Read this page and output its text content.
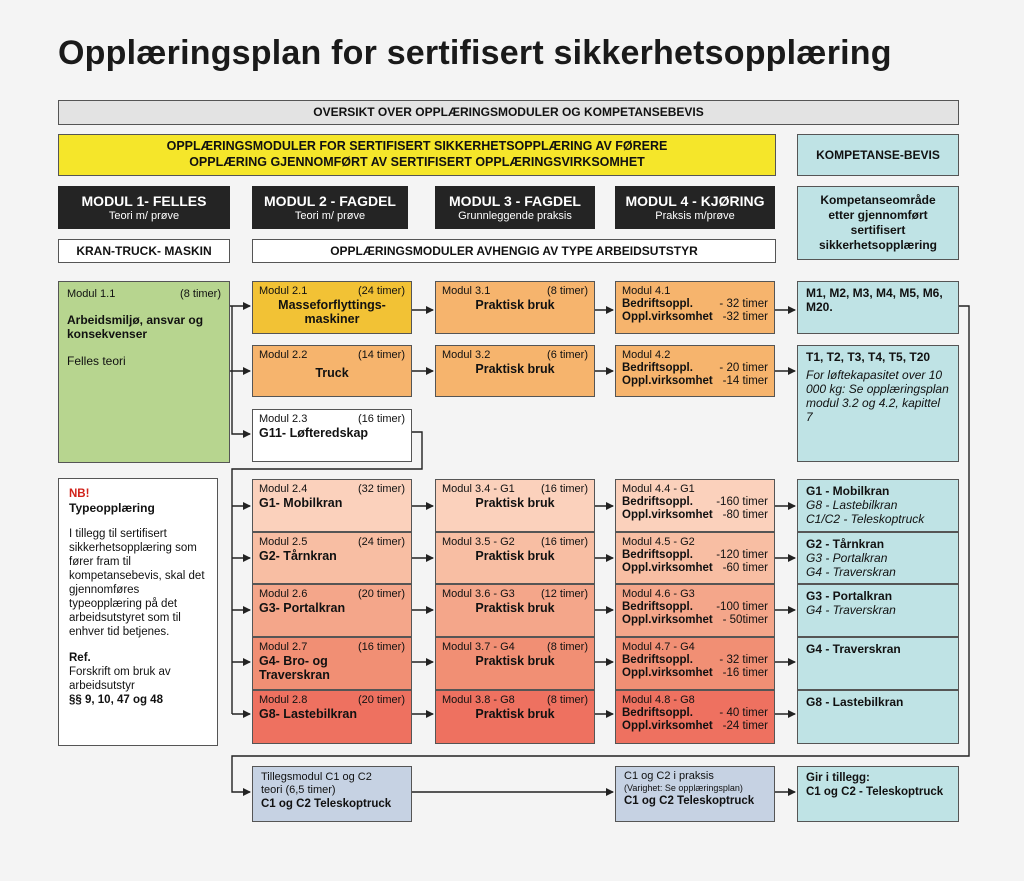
Opplæringsplan for sertifisert sikkerhetsopplæring
OVERSIKT OVER OPPLÆRINGSMODULER OG KOMPETANSEBEVIS
OPPLÆRINGSMODULER FOR SERTIFISERT SIKKERHETSOPPLÆRING AV FØRERE
OPPLÆRING GJENNOMFØRT AV SERTIFISERT OPPLÆRINGSVIRKSOMHET	KOMPETANSE-BEVIS
MODUL 1- FELLES
Teori m/ prøve
MODUL 2 - FAGDEL
Teori m/ prøve
MODUL 3 - FAGDEL
Grunnleggende praksis
MODUL 4 - KJØRING
Praksis m/prøve
Kompetanseområde
etter gjennomført
sertifisert
sikkerhetsopplæring
KRAN-TRUCK- MASKIN	OPPLÆRINGSMODULER AVHENGIG AV TYPE ARBEIDSUTSTYR
Modul 1.1	(8 timer)
Arbeidsmiljø, ansvar og konsekvenser
Felles teori
Modul 2.1	(24 timer)
Masseforflyttings-maskiner
Modul 2.2	(14 timer)
Truck
Modul 2.3	(16 timer)
G11- Løfteredskap
Modul 2.4	(32 timer)
G1- Mobilkran
Modul 2.5	(24 timer)
G2- Tårnkran
Modul 2.6	(20 timer)
G3- Portalkran
Modul 2.7	(16 timer)
G4- Bro- og Traverskran
Modul 2.8	(20 timer)
G8- Lastebilkran
Modul 3.1	(8 timer)
Praktisk bruk
Modul 3.2	(6 timer)
Praktisk bruk
Modul 3.4 - G1 (16 timer)
Praktisk bruk
Modul 3.5 - G2 (16 timer)
Praktisk bruk
Modul 3.6 - G3 (12 timer)
Praktisk bruk
Modul 3.7 - G4	(8 timer)
Praktisk bruk
Modul 3.8 - G8	(8 timer)
Praktisk bruk
Modul 4.1
Bedriftsoppl. - 32 timer
Oppl.virksomhet -32 timer
Modul 4.2
Bedriftsoppl. - 20 timer
Oppl.virksomhet -14 timer
Modul 4.4 - G1
Bedriftsoppl. -160 timer
Oppl.virksomhet -80 timer
Modul 4.5 - G2
Bedriftsoppl. -120 timer
Oppl.virksomhet -60 timer
Modul 4.6 - G3
Bedriftsoppl. -100 timer
Oppl.virksomhet - 50timer
Modul 4.7 - G4
Bedriftsoppl. - 32 timer
Oppl.virksomhet -16 timer
Modul 4.8 - G8
Bedriftsoppl. - 40 timer
Oppl.virksomhet -24 timer
M1, M2, M3, M4, M5, M6, M20.
T1, T2, T3, T4, T5, T20
For løftekapasitet over 10 000 kg: Se opplæringsplan modul 3.2 og 4.2, kapittel 7
G1 - Mobilkran
G8 - Lastebilkran
C1/C2 - Teleskoptruck
G2 - Tårnkran
G3 - Portalkran
G4 - Traverskran
G3 - Portalkran
G4 - Traverskran
G4 - Traverskran
G8 - Lastebilkran
NB!
Typeopplæring
I tillegg til sertifisert sikkerhetsopplæring som fører fram til kompetansebevis, skal det gjennomføres typeopplæring på det arbeidsutstyret som til enhver tid betjenes.
Ref.
Forskrift om bruk av arbeidsutstyr
§§ 9, 10, 47 og 48
Tillegsmodul C1 og C2
teori (6,5 timer)
C1 og C2 Teleskoptruck
C1 og C2 i praksis
(Varighet: Se opplæringsplan)
C1 og C2 Teleskoptruck
Gir i tillegg:
C1 og C2 - Teleskoptruck
